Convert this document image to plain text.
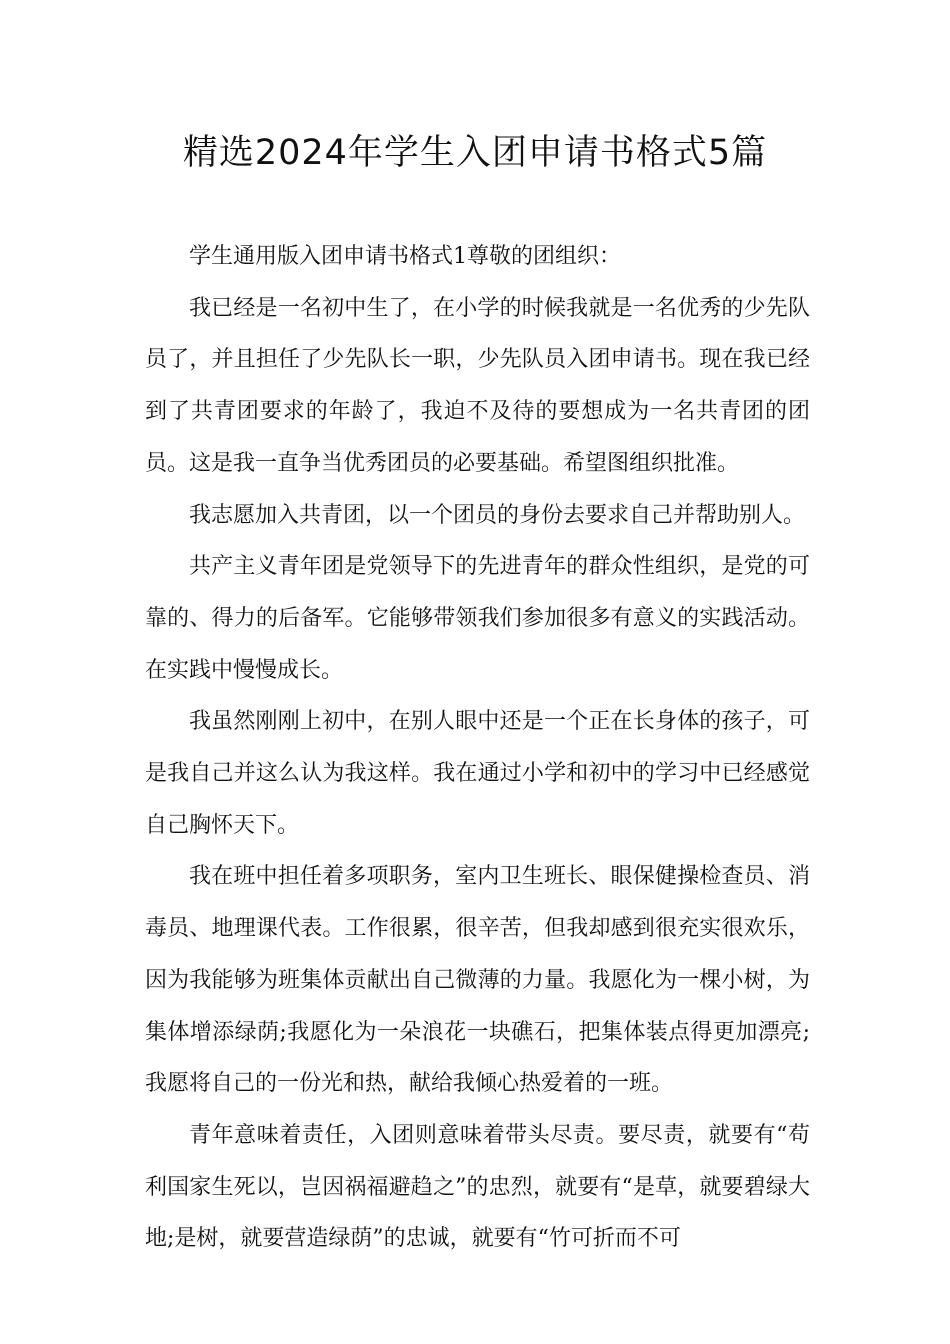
精选2024年学生入团申请书格式5篇

学生通用版入团申请书格式1尊敬的团组织：

我已经是一名初中生了，在小学的时候我就是一名优秀的少先队员了，并且担任了少先队长一职，少先队员入团申请书。现在我已经到了共青团要求的年龄了，我迫不及待的要想成为一名共青团的团员。这是我一直争当优秀团员的必要基础。希望图组织批准。

我志愿加入共青团，以一个团员的身份去要求自己并帮助别人。

共产主义青年团是党领导下的先进青年的群众性组织，是党的可靠的、得力的后备军。它能够带领我们参加很多有意义的实践活动。在实践中慢慢成长。

我虽然刚刚上初中，在别人眼中还是一个正在长身体的孩子，可是我自己并这么认为我这样。我在通过小学和初中的学习中已经感觉自己胸怀天下。

我在班中担任着多项职务，室内卫生班长、眼保健操检查员、消毒员、地理课代表。工作很累，很辛苦，但我却感到很充实很欢乐，因为我能够为班集体贡献出自己微薄的力量。我愿化为一棵小树，为集体增添绿荫;我愿化为一朵浪花一块礁石，把集体装点得更加漂亮;我愿将自己的一份光和热，献给我倾心热爱着的一班。

青年意味着责任，入团则意味着带头尽责。要尽责，就要有“苟利国家生死以，岂因祸福避趋之”的忠烈，就要有“是草，就要碧绿大地;是树，就要营造绿荫”的忠诚，就要有“竹可折而不可
